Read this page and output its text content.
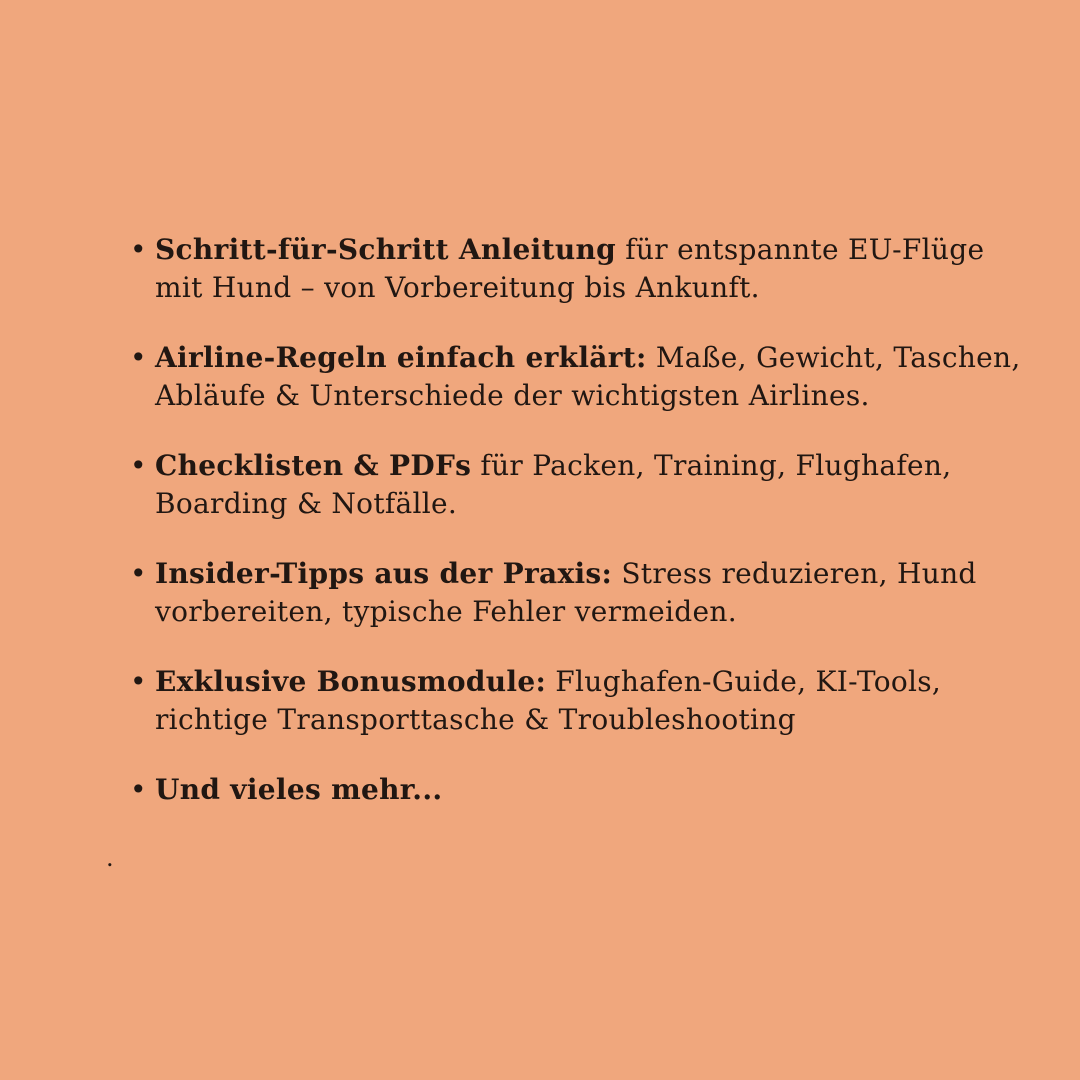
• Schritt-für-Schritt Anleitung für entspannte EU-Flüge mit Hund – von Vorbereitung bis Ankunft.
• Airline-Regeln einfach erklärt: Maße, Gewicht, Taschen, Abläufe & Unterschiede der wichtigsten Airlines.
• Checklisten & PDFs für Packen, Training, Flughafen, Boarding & Notfälle.
• Insider-Tipps aus der Praxis: Stress reduzieren, Hund vorbereiten, typische Fehler vermeiden.
• Exklusive Bonusmodule: Flughafen-Guide, KI-Tools, richtige Transporttasche & Troubleshooting
• Und vieles mehr...
.
